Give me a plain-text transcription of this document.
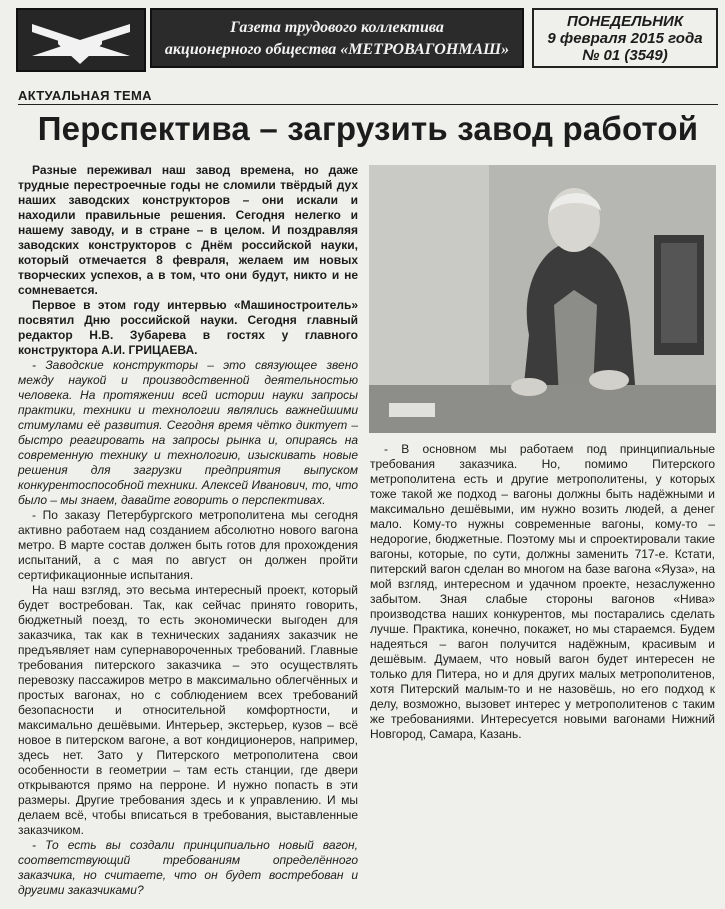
Газета трудового коллектива
акционерного общества «МЕТРОВАГОНМАШ»
ПОНЕДЕЛЬНИК
9 февраля 2015 года
№ 01 (3549)
АКТУАЛЬНАЯ ТЕМА
Перспектива – загрузить завод работой

Разные переживал наш завод времена, но даже трудные перестроечные годы не сломили твёрдый дух наших заводских конструкторов – они искали и находили правильные решения. Сегодня нелегко и нашему заводу, и в стране – в целом. И поздравляя заводских конструкторов с Днём российской науки, который отмечается 8 февраля, желаем им новых творческих успехов, а в том, что они будут, никто и не сомневается.

Первое в этом году интервью «Машиностроитель» посвятил Дню российской науки. Сегодня главный редактор Н.В. Зубарева в гостях у главного конструктора А.И. ГРИЦАЕВА.

- Заводские конструкторы – это связующее звено между наукой и производственной деятельностью человека. На протяжении всей истории науки запросы практики, техники и технологии являлись важнейшими стимулами её развития. Сегодня время чётко диктует – быстро реагировать на запросы рынка и, опираясь на современную технику и технологию, изыскивать новые решения для загрузки предприятия выпуском конкурентоспособной техники. Алексей Иванович, то, что было – мы знаем, давайте говорить о перспективах.

- По заказу Петербургского метрополитена мы сегодня активно работаем над созданием абсолютно нового вагона метро. В марте состав должен быть готов для прохождения испытаний, а с мая по август он должен пройти сертификационные испытания.

На наш взгляд, это весьма интересный проект, который будет востребован. Так, как сейчас принято говорить, бюджетный поезд, то есть экономически выгоден для заказчика, так как в технических заданиях заказчик не предъявляет нам супернавороченных требований. Главные требования питерского заказчика – это осуществлять перевозку пассажиров метро в максимально облегчённых и простых вагонах, но с соблюдением всех требований безопасности и относительной комфортности, и максимально дешёвыми. Интерьер, экстерьер, кузов – всё новое в питерском вагоне, а вот кондиционеров, например, здесь нет. Зато у Питерского метрополитена свои особенности в геометрии – там есть станции, где двери открываются прямо на перроне. И нужно попасть в эти размеры. Другие требования здесь и к управлению. И мы делаем всё, чтобы вписаться в требования, выставленные заказчиком.

- То есть вы создали принципиально новый вагон, соответствующий требованиям определённого заказчика, но считаете, что он будет востребован и другими заказчиками?

- В основном мы работаем под принципиальные требования заказчика. Но, помимо Питерского метрополитена есть и другие метрополитены, у которых тоже такой же подход – вагоны должны быть надёжными и максимально дешёвыми, им нужно возить людей, а денег мало. Кому-то нужны современные вагоны, кому-то – недорогие, бюджетные. Поэтому мы и спроектировали такие вагоны, которые, по сути, должны заменить 717-е. Кстати, питерский вагон сделан во многом на базе вагона «Яуза», на мой взгляд, интересном и удачном проекте, незаслуженно забытом. Зная слабые стороны вагонов «Нива» производства наших конкурентов, мы постарались сделать лучше. Практика, конечно, покажет, но мы стараемся. Будем надеяться – вагон получится надёжным, красивым и дешёвым. Думаем, что новый вагон будет интересен не только для Питера, но и для других малых метрополитенов, хотя Питерский малым-то и не назовёшь, но его подход к делу, возможно, вызовет интерес у метрополитенов с таким же требованиями. Интересуется новыми вагонами Нижний Новгород, Самара, Казань.
